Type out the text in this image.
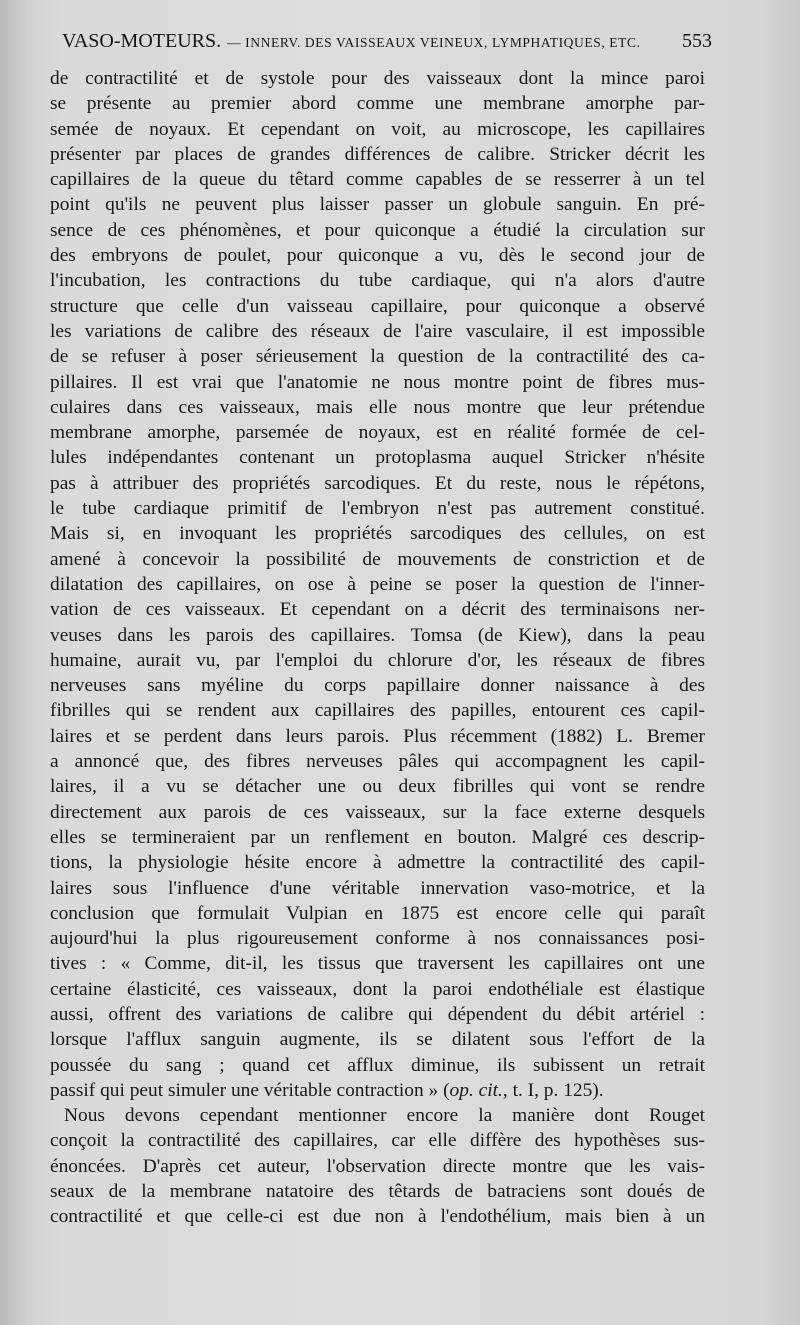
VASO-MOTEURS. — INNERV. DES VAISSEAUX VEINEUX, LYMPHATIQUES, ETC. 553
de contractilité et de systole pour des vaisseaux dont la mince paroi
se présente au premier abord comme une membrane amorphe par-
semée de noyaux. Et cependant on voit, au microscope, les capillaires
présenter par places de grandes différences de calibre. Stricker décrit les
capillaires de la queue du têtard comme capables de se resserrer à un tel
point qu'ils ne peuvent plus laisser passer un globule sanguin. En pré-
sence de ces phénomènes, et pour quiconque a étudié la circulation sur
des embryons de poulet, pour quiconque a vu, dès le second jour de
l'incubation, les contractions du tube cardiaque, qui n'a alors d'autre
structure que celle d'un vaisseau capillaire, pour quiconque a observé
les variations de calibre des réseaux de l'aire vasculaire, il est impossible
de se refuser à poser sérieusement la question de la contractilité des ca-
pillaires. Il est vrai que l'anatomie ne nous montre point de fibres mus-
culaires dans ces vaisseaux, mais elle nous montre que leur prétendue
membrane amorphe, parsemée de noyaux, est en réalité formée de cel-
lules indépendantes contenant un protoplasma auquel Stricker n'hésite
pas à attribuer des propriétés sarcodiques. Et du reste, nous le répétons,
le tube cardiaque primitif de l'embryon n'est pas autrement constitué.
Mais si, en invoquant les propriétés sarcodiques des cellules, on est
amené à concevoir la possibilité de mouvements de constriction et de
dilatation des capillaires, on ose à peine se poser la question de l'inner-
vation de ces vaisseaux. Et cependant on a décrit des terminaisons ner-
veuses dans les parois des capillaires. Tomsa (de Kiew), dans la peau
humaine, aurait vu, par l'emploi du chlorure d'or, les réseaux de fibres
nerveuses sans myéline du corps papillaire donner naissance à des
fibrilles qui se rendent aux capillaires des papilles, entourent ces capil-
laires et se perdent dans leurs parois. Plus récemment (1882) L. Bremer
a annoncé que, des fibres nerveuses pâles qui accompagnent les capil-
laires, il a vu se détacher une ou deux fibrilles qui vont se rendre
directement aux parois de ces vaisseaux, sur la face externe desquels
elles se termineraient par un renflement en bouton. Malgré ces descrip-
tions, la physiologie hésite encore à admettre la contractilité des capil-
laires sous l'influence d'une véritable innervation vaso-motrice, et la
conclusion que formulait Vulpian en 1875 est encore celle qui paraît
aujourd'hui la plus rigoureusement conforme à nos connaissances posi-
tives : « Comme, dit-il, les tissus que traversent les capillaires ont une
certaine élasticité, ces vaisseaux, dont la paroi endothéliale est élastique
aussi, offrent des variations de calibre qui dépendent du débit artériel :
lorsque l'afflux sanguin augmente, ils se dilatent sous l'effort de la
poussée du sang ; quand cet afflux diminue, ils subissent un retrait
passif qui peut simuler une véritable contraction » (op. cit., t. I, p. 125).
Nous devons cependant mentionner encore la manière dont Rouget
conçoit la contractilité des capillaires, car elle diffère des hypothèses sus-
énoncées. D'après cet auteur, l'observation directe montre que les vais-
seaux de la membrane natatoire des têtards de batraciens sont doués de
contractilité et que celle-ci est due non à l'endothélium, mais bien à un
